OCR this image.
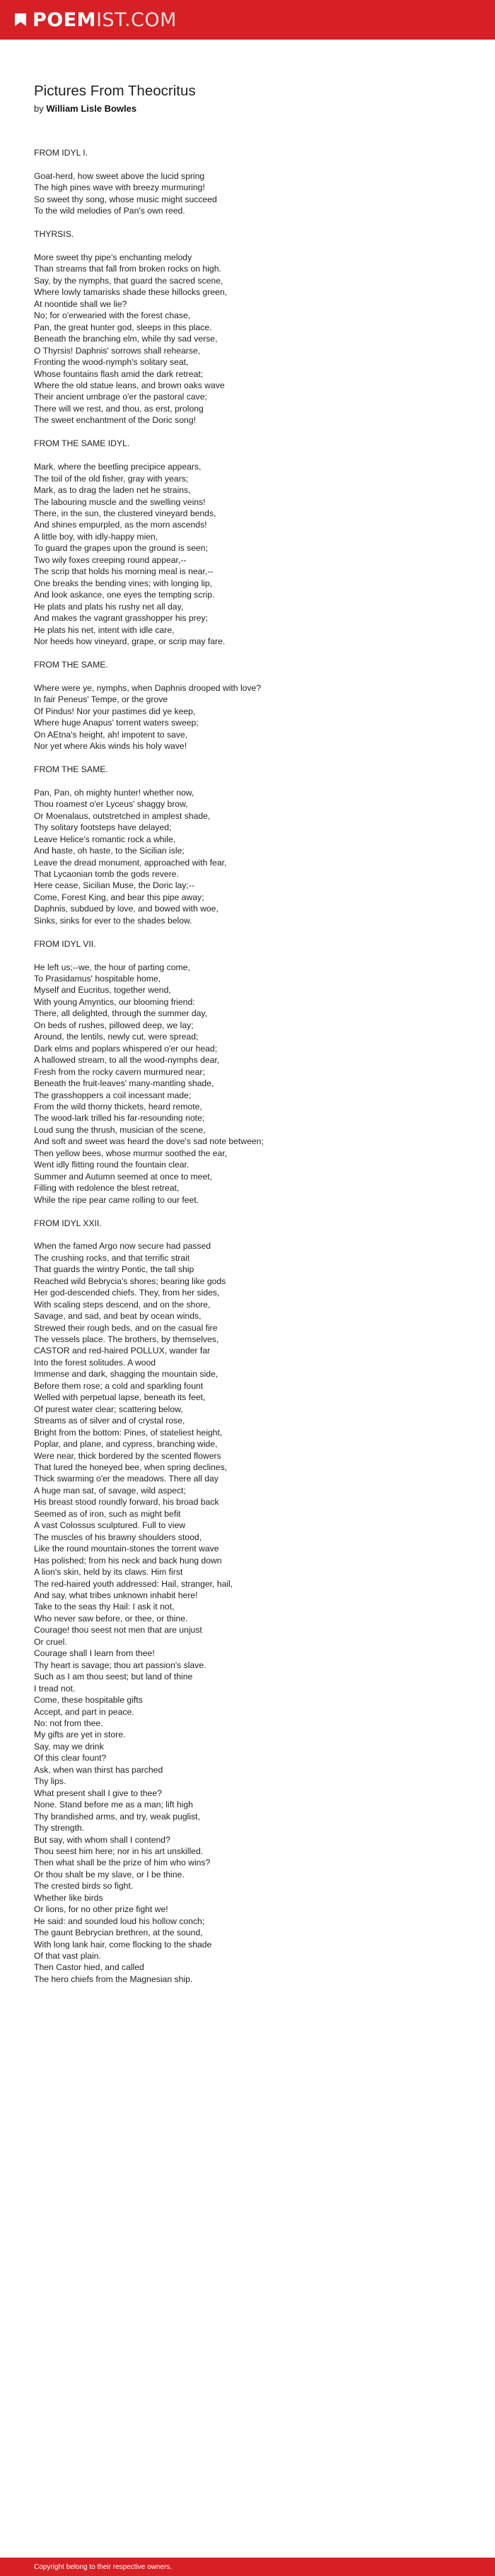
POEM IST.COM
Pictures From Theocritus
by William Lisle Bowles
FROM IDYL I.
Goat-herd, how sweet above the lucid spring
The high pines wave with breezy murmuring!
So sweet thy song, whose music might succeed
To the wild melodies of Pan's own reed.
THYRSIS.
More sweet thy pipe's enchanting melody
Than streams that fall from broken rocks on high.
Say, by the nymphs, that guard the sacred scene,
Where lowly tamarisks shade these hillocks green,
At noontide shall we lie?
No; for o'erwearied with the forest chase,
Pan, the great hunter god, sleeps in this place.
Beneath the branching elm, while thy sad verse,
O Thyrsis! Daphnis' sorrows shall rehearse,
Fronting the wood-nymph's solitary seat,
Whose fountains flash amid the dark retreat;
Where the old statue leans, and brown oaks wave
Their ancient umbrage o'er the pastoral cave;
There will we rest, and thou, as erst, prolong
The sweet enchantment of the Doric song!
FROM THE SAME IDYL.
Mark, where the beetling precipice appears,
The toil of the old fisher, gray with years;
Mark, as to drag the laden net he strains,
The labouring muscle and the swelling veins!
There, in the sun, the clustered vineyard bends,
And shines empurpled, as the morn ascends!
A little boy, with idly-happy mien,
To guard the grapes upon the ground is seen;
Two wily foxes creeping round appear,--
The scrip that holds his morning meal is near,--
One breaks the bending vines; with longing lip,
And look askance, one eyes the tempting scrip.
He plats and plats his rushy net all day,
And makes the vagrant grasshopper his prey;
He plats his net, intent with idle care,
Nor heeds how vineyard, grape, or scrip may fare.
FROM THE SAME.
Where were ye, nymphs, when Daphnis drooped with love?
In fair Peneus' Tempe, or the grove
Of Pindus! Nor your pastimes did ye keep,
Where huge Anapus' torrent waters sweep;
On AEtna's height, ah! impotent to save,
Nor yet where Akis winds his holy wave!
FROM THE SAME.
Pan, Pan, oh mighty hunter! whether now,
Thou roamest o'er Lyceus' shaggy brow,
Or Moenalaus, outstretched in amplest shade,
Thy solitary footsteps have delayed;
Leave Helice's romantic rock a while,
And haste, oh haste, to the Sicilian isle;
Leave the dread monument, approached with fear,
That Lycaonian tomb the gods revere.
Here cease, Sicilian Muse, the Doric lay;--
Come, Forest King, and bear this pipe away;
Daphnis, subdued by love, and bowed with woe,
Sinks, sinks for ever to the shades below.
FROM IDYL VII.
He left us;--we, the hour of parting come,
To Prasidamus' hospitable home,
Myself and Eucritus, together wend,
With young Amyntics, our blooming friend:
There, all delighted, through the summer day,
On beds of rushes, pillowed deep, we lay;
Around, the lentils, newly cut, were spread;
Dark elms and poplars whispered o'er our head;
A hallowed stream, to all the wood-nymphs dear,
Fresh from the rocky cavern murmured near;
Beneath the fruit-leaves' many-mantling shade,
The grasshoppers a coil incessant made;
From the wild thorny thickets, heard remote,
The wood-lark trilled his far-resounding note;
Loud sung the thrush, musician of the scene,
And soft and sweet was heard the dove's sad note between;
Then yellow bees, whose murmur soothed the ear,
Went idly flitting round the fountain clear.
Summer and Autumn seemed at once to meet,
Filling with redolence the blest retreat,
While the ripe pear came rolling to our feet.
FROM IDYL XXII.
When the famed Argo now secure had passed
The crushing rocks, and that terrific strait
That guards the wintry Pontic, the tall ship
Reached wild Bebrycia's shores; bearing like gods
Her god-descended chiefs. They, from her sides,
With scaling steps descend, and on the shore,
Savage, and sad, and beat by ocean winds,
Strewed their rough beds, and on the casual fire
The vessels place. The brothers, by themselves,
CASTOR and red-haired POLLUX, wander far
Into the forest solitudes. A wood
Immense and dark, shagging the mountain side,
Before them rose; a cold and sparkling fount
Welled with perpetual lapse, beneath its feet,
Of purest water clear; scattering below,
Streams as of silver and of crystal rose,
Bright from the bottom: Pines, of stateliest height,
Poplar, and plane, and cypress, branching wide,
Were near, thick bordered by the scented flowers
That lured the honeyed bee, when spring declines,
Thick swarming o'er the meadows. There all day
A huge man sat, of savage, wild aspect;
His breast stood roundly forward, his broad back
Seemed as of iron, such as might befit
A vast Colossus sculptured. Full to view
The muscles of his brawny shoulders stood,
Like the round mountain-stones the torrent wave
Has polished; from his neck and back hung down
A lion's skin, held by its claws. Him first
The red-haired youth addressed: Hail, stranger, hail,
And say, what tribes unknown inhabit here!
Take to the seas thy Hail: I ask it not,
Who never saw before, or thee, or thine.
Courage! thou seest not men that are unjust
Or cruel.
Courage shall I learn from thee!
Thy heart is savage; thou art passion's slave.
Such as I am thou seest; but land of thine
I tread not.
Come, these hospitable gifts
Accept, and part in peace.
No: not from thee.
My gifts are yet in store.
Say, may we drink
Of this clear fount?
Ask, when wan thirst has parched
Thy lips.
What present shall I give to thee?
None. Stand before me as a man; lift high
Thy brandished arms, and try, weak puglist,
Thy strength.
But say, with whom shall I contend?
Thou seest him here; nor in his art unskilled.
Then what shall be the prize of him who wins?
Or thou shalt be my slave, or I be thine.
The crested birds so fight.
Whether like birds
Or lions, for no other prize fight we!
He said: and sounded loud his hollow conch;
The gaunt Bebrycian brethren, at the sound,
With long lank hair, come flocking to the shade
Of that vast plain.
Then Castor hied, and called
The hero chiefs from the Magnesian ship.
Copyright belong to their respective owners.
